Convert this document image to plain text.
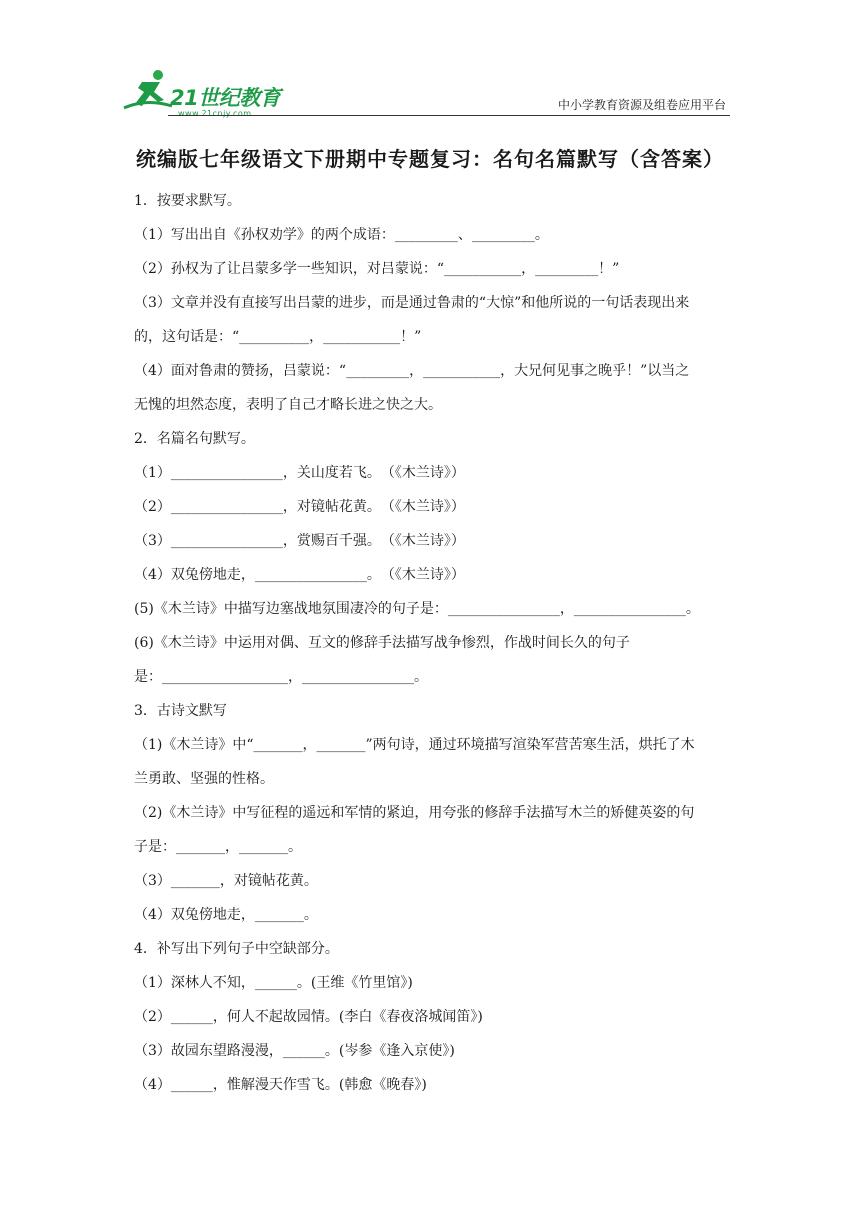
21世纪教育
www.21cnjy.com
中小学教育资源及组卷应用平台
统编版七年级语文下册期中专题复习：名句名篇默写（含答案）
1．按要求默写。
（1）写出出自《孙权劝学》的两个成语：_________、_________。
（2）孙权为了让吕蒙多学一些知识，对吕蒙说：“___________，_________！”
（3）文章并没有直接写出吕蒙的进步，而是通过鲁肃的“大惊”和他所说的一句话表现出来
的，这句话是：“__________，___________！”
（4）面对鲁肃的赞扬，吕蒙说：“_________，___________，大兄何见事之晚乎！”以当之
无愧的坦然态度，表明了自己才略长进之快之大。
2．名篇名句默写。
（1）________________，关山度若飞。　（《木兰诗》）
（2）________________，对镜帖花黄。　（《木兰诗》）
（3）________________，赏赐百千强。　（《木兰诗》）
（4）双兔傍地走，________________。　（《木兰诗》）
(5)《木兰诗》中描写边塞战地氛围凄冷的句子是：________________，________________。
(6)《木兰诗》中运用对偶、互文的修辞手法描写战争惨烈，作战时间长久的句子
是：__________________，________________。
3．古诗文默写
（1)《木兰诗》中“_______，_______”两句诗，通过环境描写渲染军营苦寒生活，烘托了木
兰勇敢、坚强的性格。
（2)《木兰诗》中写征程的遥远和军情的紧迫，用夸张的修辞手法描写木兰的矫健英姿的句
子是：_______，_______。
（3）_______，对镜帖花黄。
（4）双兔傍地走，_______。
4．补写出下列句子中空缺部分。
（1）深林人不知，______。(王维《竹里馆》)
（2）______，何人不起故园情。(李白《春夜洛城闻笛》)
（3）故园东望路漫漫，______。(岑参《逢入京使》)
（4）______，惟解漫天作雪飞。(韩愈《晚春》)
